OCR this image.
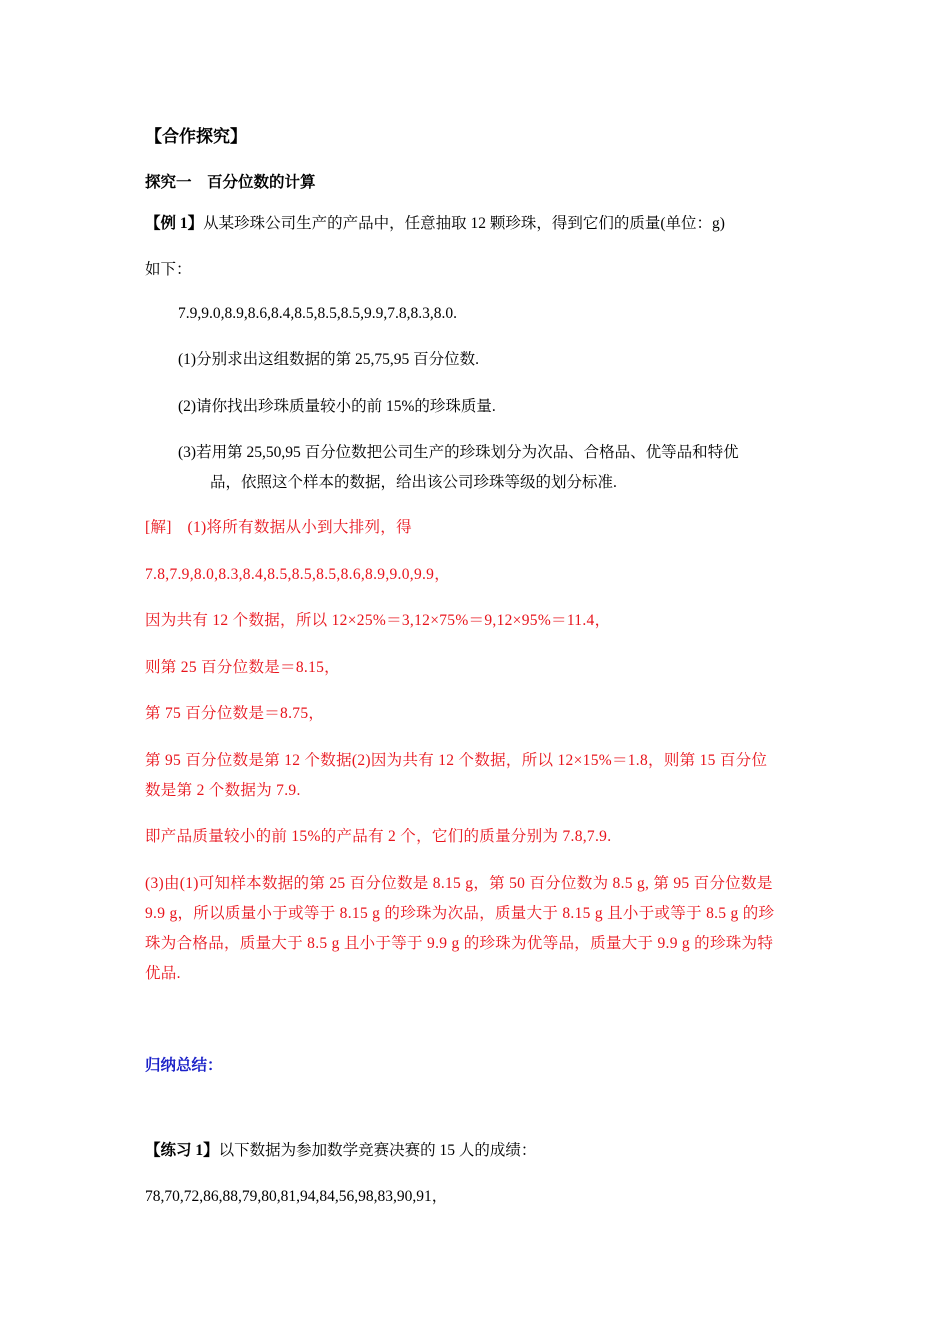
【合作探究】
探究一　百分位数的计算
【例 1】从某珍珠公司生产的产品中，任意抽取 12 颗珍珠，得到它们的质量(单位：g)
如下：
7.9,9.0,8.9,8.6,8.4,8.5,8.5,8.5,9.9,7.8,8.3,8.0.
(1)分别求出这组数据的第 25,75,95 百分位数.
(2)请你找出珍珠质量较小的前 15%的珍珠质量.
(3)若用第 25,50,95 百分位数把公司生产的珍珠划分为次品、合格品、优等品和特优
品，依照这个样本的数据，给出该公司珍珠等级的划分标准.
[解]　(1)将所有数据从小到大排列，得
7.8,7.9,8.0,8.3,8.4,8.5,8.5,8.5,8.6,8.9,9.0,9.9，
因为共有 12 个数据，所以 12×25%＝3,12×75%＝9,12×95%＝11.4，
则第 25 百分位数是＝8.15，
第 75 百分位数是＝8.75，
第 95 百分位数是第 12 个数据(2)因为共有 12 个数据，所以 12×15%＝1.8，则第 15 百分位
数是第 2 个数据为 7.9.
即产品质量较小的前 15%的产品有 2 个，它们的质量分别为 7.8,7.9.
(3)由(1)可知样本数据的第 25 百分位数是 8.15 g，第 50 百分位数为 8.5 g, 第 95 百分位数是
9.9 g，所以质量小于或等于 8.15 g 的珍珠为次品，质量大于 8.15 g 且小于或等于 8.5 g 的珍
珠为合格品，质量大于 8.5 g 且小于等于 9.9 g 的珍珠为优等品，质量大于 9.9 g 的珍珠为特
优品.
归纳总结：
【练习 1】以下数据为参加数学竞赛决赛的 15 人的成绩：
78,70,72,86,88,79,80,81,94,84,56,98,83,90,91，
